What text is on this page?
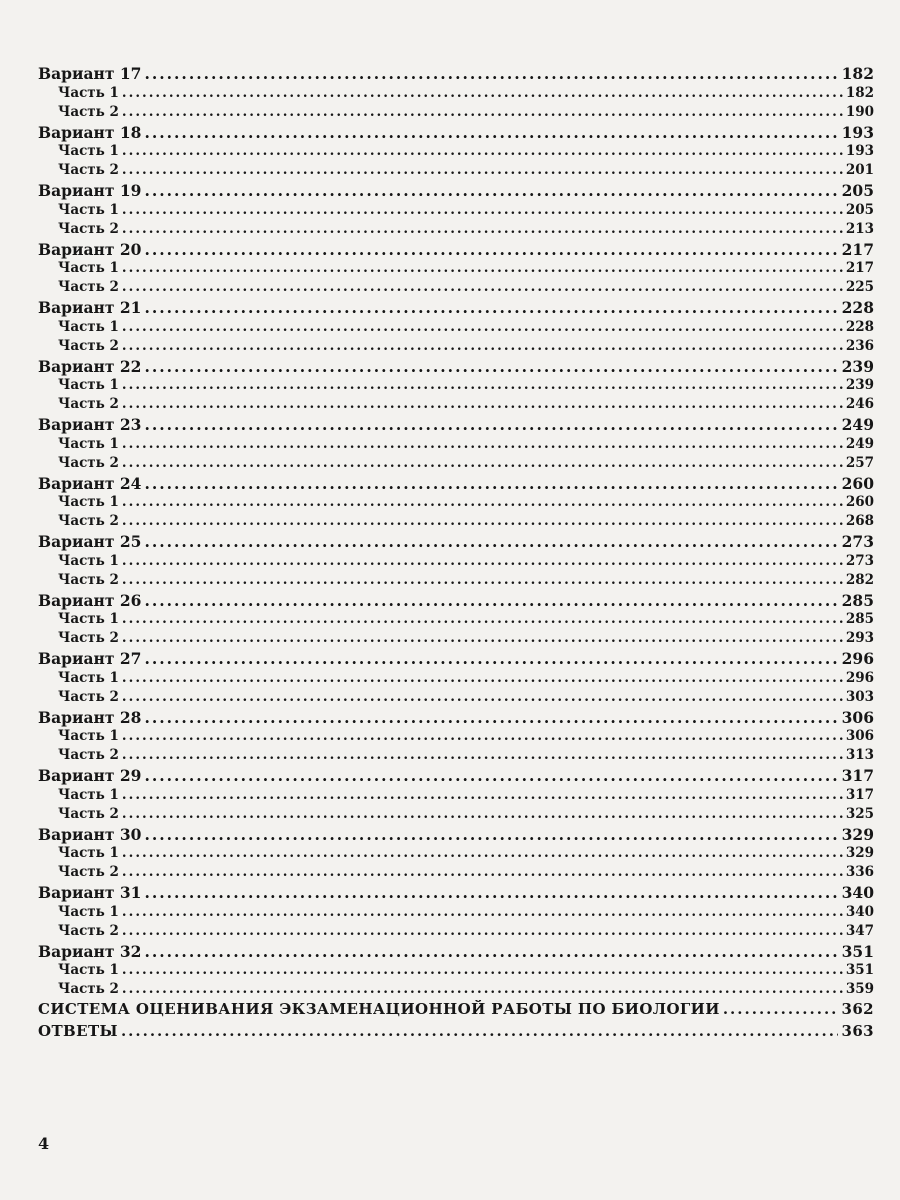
Вариант 17 .....	182
Часть 1 .....	182
Часть 2 .....	190
Вариант 18 .....	193
Часть 1 .....	193
Часть 2 .....	201
Вариант 19 .....	205
Часть 1 .....	205
Часть 2 .....	213
Вариант 20 .....	217
Часть 1 .....	217
Часть 2 .....	225
Вариант 21 .....	228
Часть 1 .....	228
Часть 2 .....	236
Вариант 22 .....	239
Часть 1 .....	239
Часть 2 .....	246
Вариант 23 .....	249
Часть 1 .....	249
Часть 2 .....	257
Вариант 24 .....	260
Часть 1 .....	260
Часть 2 .....	268
Вариант 25 .....	273
Часть 1 .....	273
Часть 2 .....	282
Вариант 26 .....	285
Часть 1 .....	285
Часть 2 .....	293
Вариант 27 .....	296
Часть 1 .....	296
Часть 2 .....	303
Вариант 28 .....	306
Часть 1 .....	306
Часть 2 .....	313
Вариант 29 .....	317
Часть 1 .....	317
Часть 2 .....	325
Вариант 30 .....	329
Часть 1 .....	329
Часть 2 .....	336
Вариант 31 .....	340
Часть 1 .....	340
Часть 2 .....	347
Вариант 32 .....	351
Часть 1 .....	351
Часть 2 .....	359
СИСТЕМА ОЦЕНИВАНИЯ ЭКЗАМЕНАЦИОННОЙ РАБОТЫ ПО БИОЛОГИИ .....	362
ОТВЕТЫ .....	363
4
